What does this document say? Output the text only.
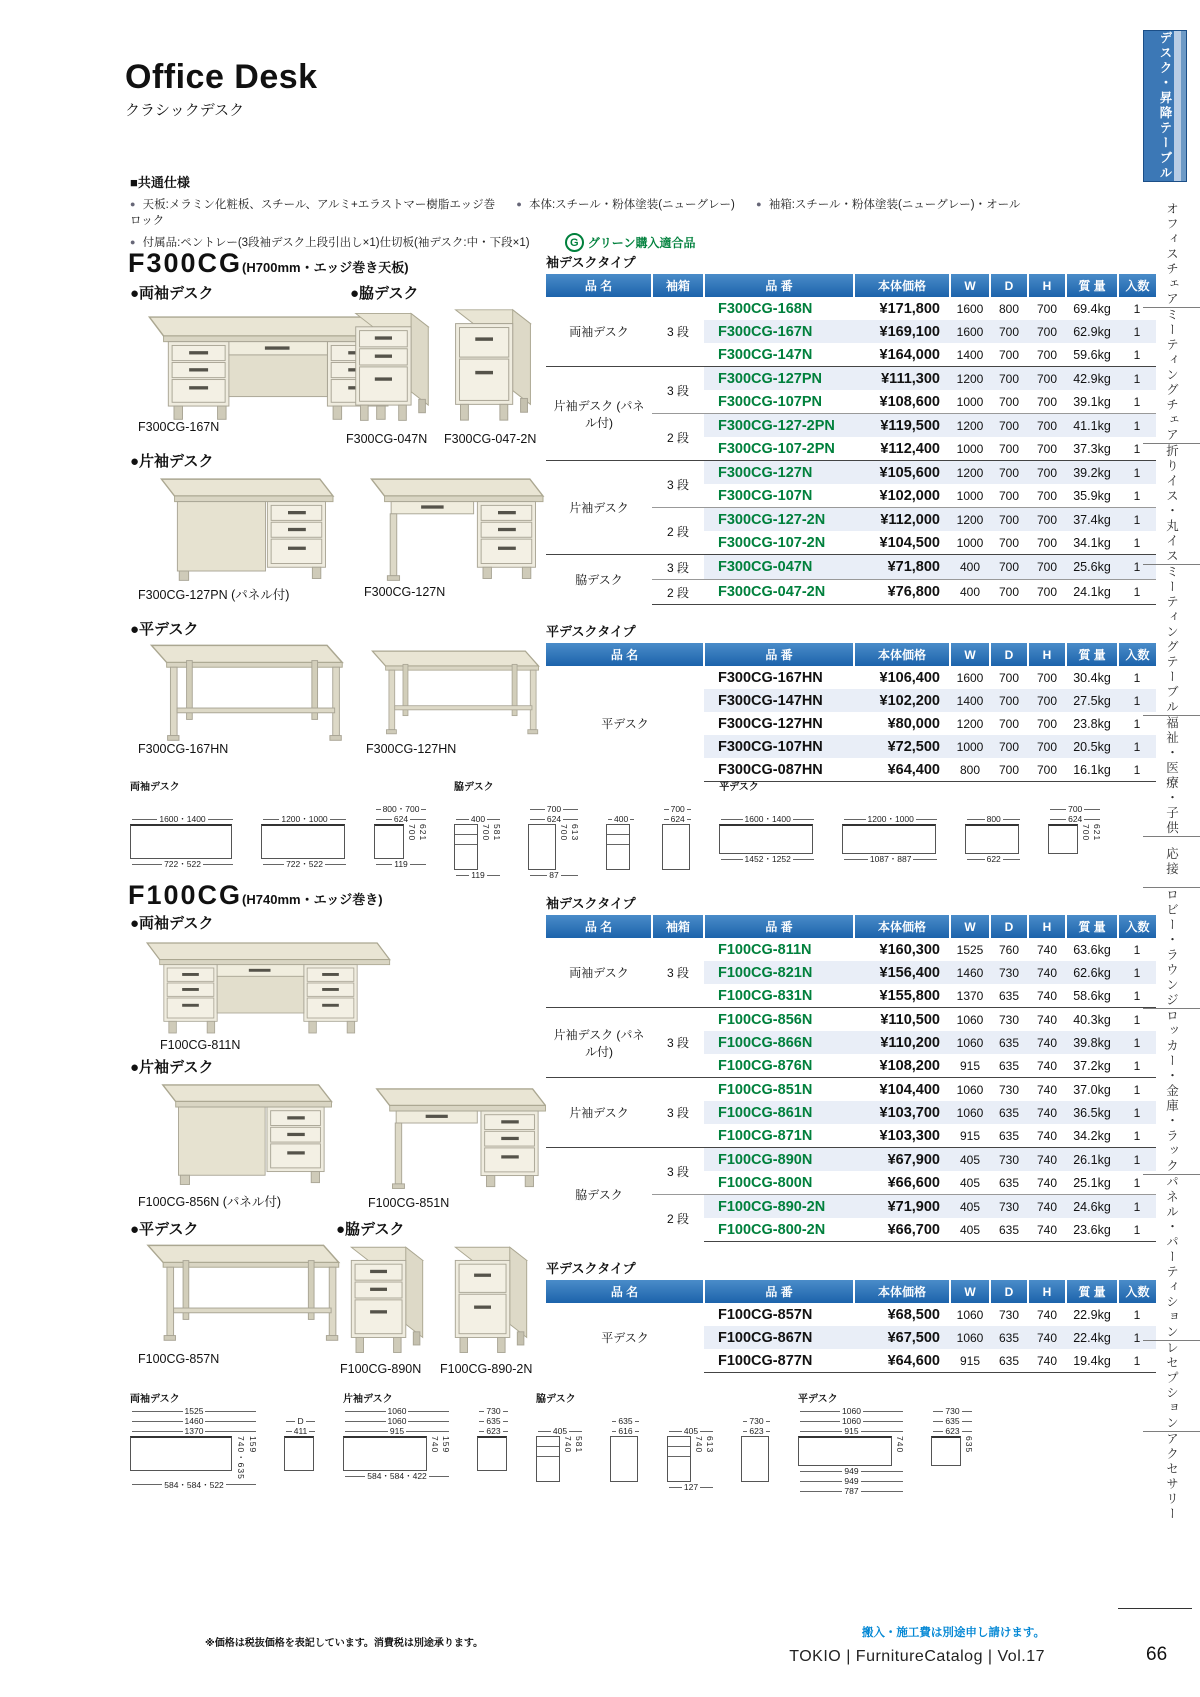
Office Desk
クラシックデスク
■共通仕様
● 天板:メラミン化粧板、スチール、アルミ+エラストマー樹脂エッジ巻 ● 本体:スチール・粉体塗装(ニューグレー) ● 袖箱:スチール・粉体塗装(ニューグレー)・オールロック
● 付属品:ペントレー(3段袖デスク上段引出し×1)仕切板(袖デスク:中・下段×1)	G グリーン購入適合品
F300CG(H700mm・エッジ巻き天板)
●両袖デスク	●脇デスク
F300CG-167N
F300CG-047N F300CG-047-2N
●片袖デスク
F300CG-127PN (パネル付)	F300CG-127N
●平デスク
F300CG-167HN	F300CG-127HN
袖デスクタイプ
品 名	袖箱	品 番	本体価格	W	D	H	質 量	入数
両袖デスク	3 段	F300CG-168N	¥171,800	1600	800	700	69.4kg	1
		F300CG-167N	¥169,100	1600	700	700	62.9kg	1
		F300CG-147N	¥164,000	1400	700	700	59.6kg	1
片袖デスク (パネル付)	3 段	F300CG-127PN	¥111,300	1200	700	700	42.9kg	1
		F300CG-107PN	¥108,600	1000	700	700	39.1kg	1
	2 段	F300CG-127-2PN	¥119,500	1200	700	700	41.1kg	1
		F300CG-107-2PN	¥112,400	1000	700	700	37.3kg	1
片袖デスク	3 段	F300CG-127N	¥105,600	1200	700	700	39.2kg	1
		F300CG-107N	¥102,000	1000	700	700	35.9kg	1
	2 段	F300CG-127-2N	¥112,000	1200	700	700	37.4kg	1
		F300CG-107-2N	¥104,500	1000	700	700	34.1kg	1
脇デスク	3 段	F300CG-047N	¥71,800	400	700	700	25.6kg	1
	2 段	F300CG-047-2N	¥76,800	400	700	700	24.1kg	1
平デスクタイプ
品 名	品 番	本体価格	W	D	H	質 量	入数
平デスク	F300CG-167HN	¥106,400	1600	700	700	30.4kg	1
	F300CG-147HN	¥102,200	1400	700	700	27.5kg	1
	F300CG-127HN	¥80,000	1200	700	700	23.8kg	1
	F300CG-107HN	¥72,500	1000	700	700	20.5kg	1
	F300CG-087HN	¥64,400	800	700	700	16.1kg	1
両袖デスク
1600・1400
722・522
1200・1000
722・522
800・700
624
700 621
119
脇デスク
400
700 581
119
700
624
700 613
87
400
700
624
平デスク
1600・1400
1452・1252
1200・1000
1087・887
800
622
700
624
700 621
F100CG(H740mm・エッジ巻き)
●両袖デスク
F100CG-811N
●片袖デスク
F100CG-856N (パネル付)	F100CG-851N
●平デスク	●脇デスク
F100CG-857N
F100CG-890N F100CG-890-2N
袖デスクタイプ
品 名	袖箱	品 番	本体価格	W	D	H	質 量	入数
両袖デスク	3 段	F100CG-811N	¥160,300	1525	760	740	63.6kg	1
		F100CG-821N	¥156,400	1460	730	740	62.6kg	1
		F100CG-831N	¥155,800	1370	635	740	58.6kg	1
片袖デスク (パネル付)	3 段	F100CG-856N	¥110,500	1060	730	740	40.3kg	1
		F100CG-866N	¥110,200	1060	635	740	39.8kg	1
		F100CG-876N	¥108,200	915	635	740	37.2kg	1
片袖デスク	3 段	F100CG-851N	¥104,400	1060	730	740	37.0kg	1
		F100CG-861N	¥103,700	1060	635	740	36.5kg	1
		F100CG-871N	¥103,300	915	635	740	34.2kg	1
脇デスク	3 段	F100CG-890N	¥67,900	405	730	740	26.1kg	1
		F100CG-800N	¥66,600	405	635	740	25.1kg	1
	2 段	F100CG-890-2N	¥71,900	405	730	740	24.6kg	1
		F100CG-800-2N	¥66,700	405	635	740	23.6kg	1
平デスクタイプ
品 名	品 番	本体価格	W	D	H	質 量	入数
平デスク	F100CG-857N	¥68,500	1060	730	740	22.9kg	1
	F100CG-867N	¥67,500	1060	635	740	22.4kg	1
	F100CG-877N	¥64,600	915	635	740	19.4kg	1
両袖デスク
1525
1460
1370
740・635 159
584・584・522
D
411
片袖デスク
1060
1060
915
740 159
584・584・422
730
635
623
脇デスク
405
740 581
635
616	405
740 613
127
730
623
平デスク
1060
1060
915
740
949
949
787
730
635
623
635
デスク・昇降テーブル
オフィスチェア
ミーティングチェア
折りイス・丸イス
ミーティングテーブル
福祉・医療・子供
応接
ロビー・ラウンジ
ロッカー・金庫・ラック
パネル・パーティション
レセプション
アクセサリー
※価格は税抜価格を表記しています。消費税は別途承ります。
搬入・施工費は別途申し請けます。
TOKIO | FurnitureCatalog | Vol.17	66
